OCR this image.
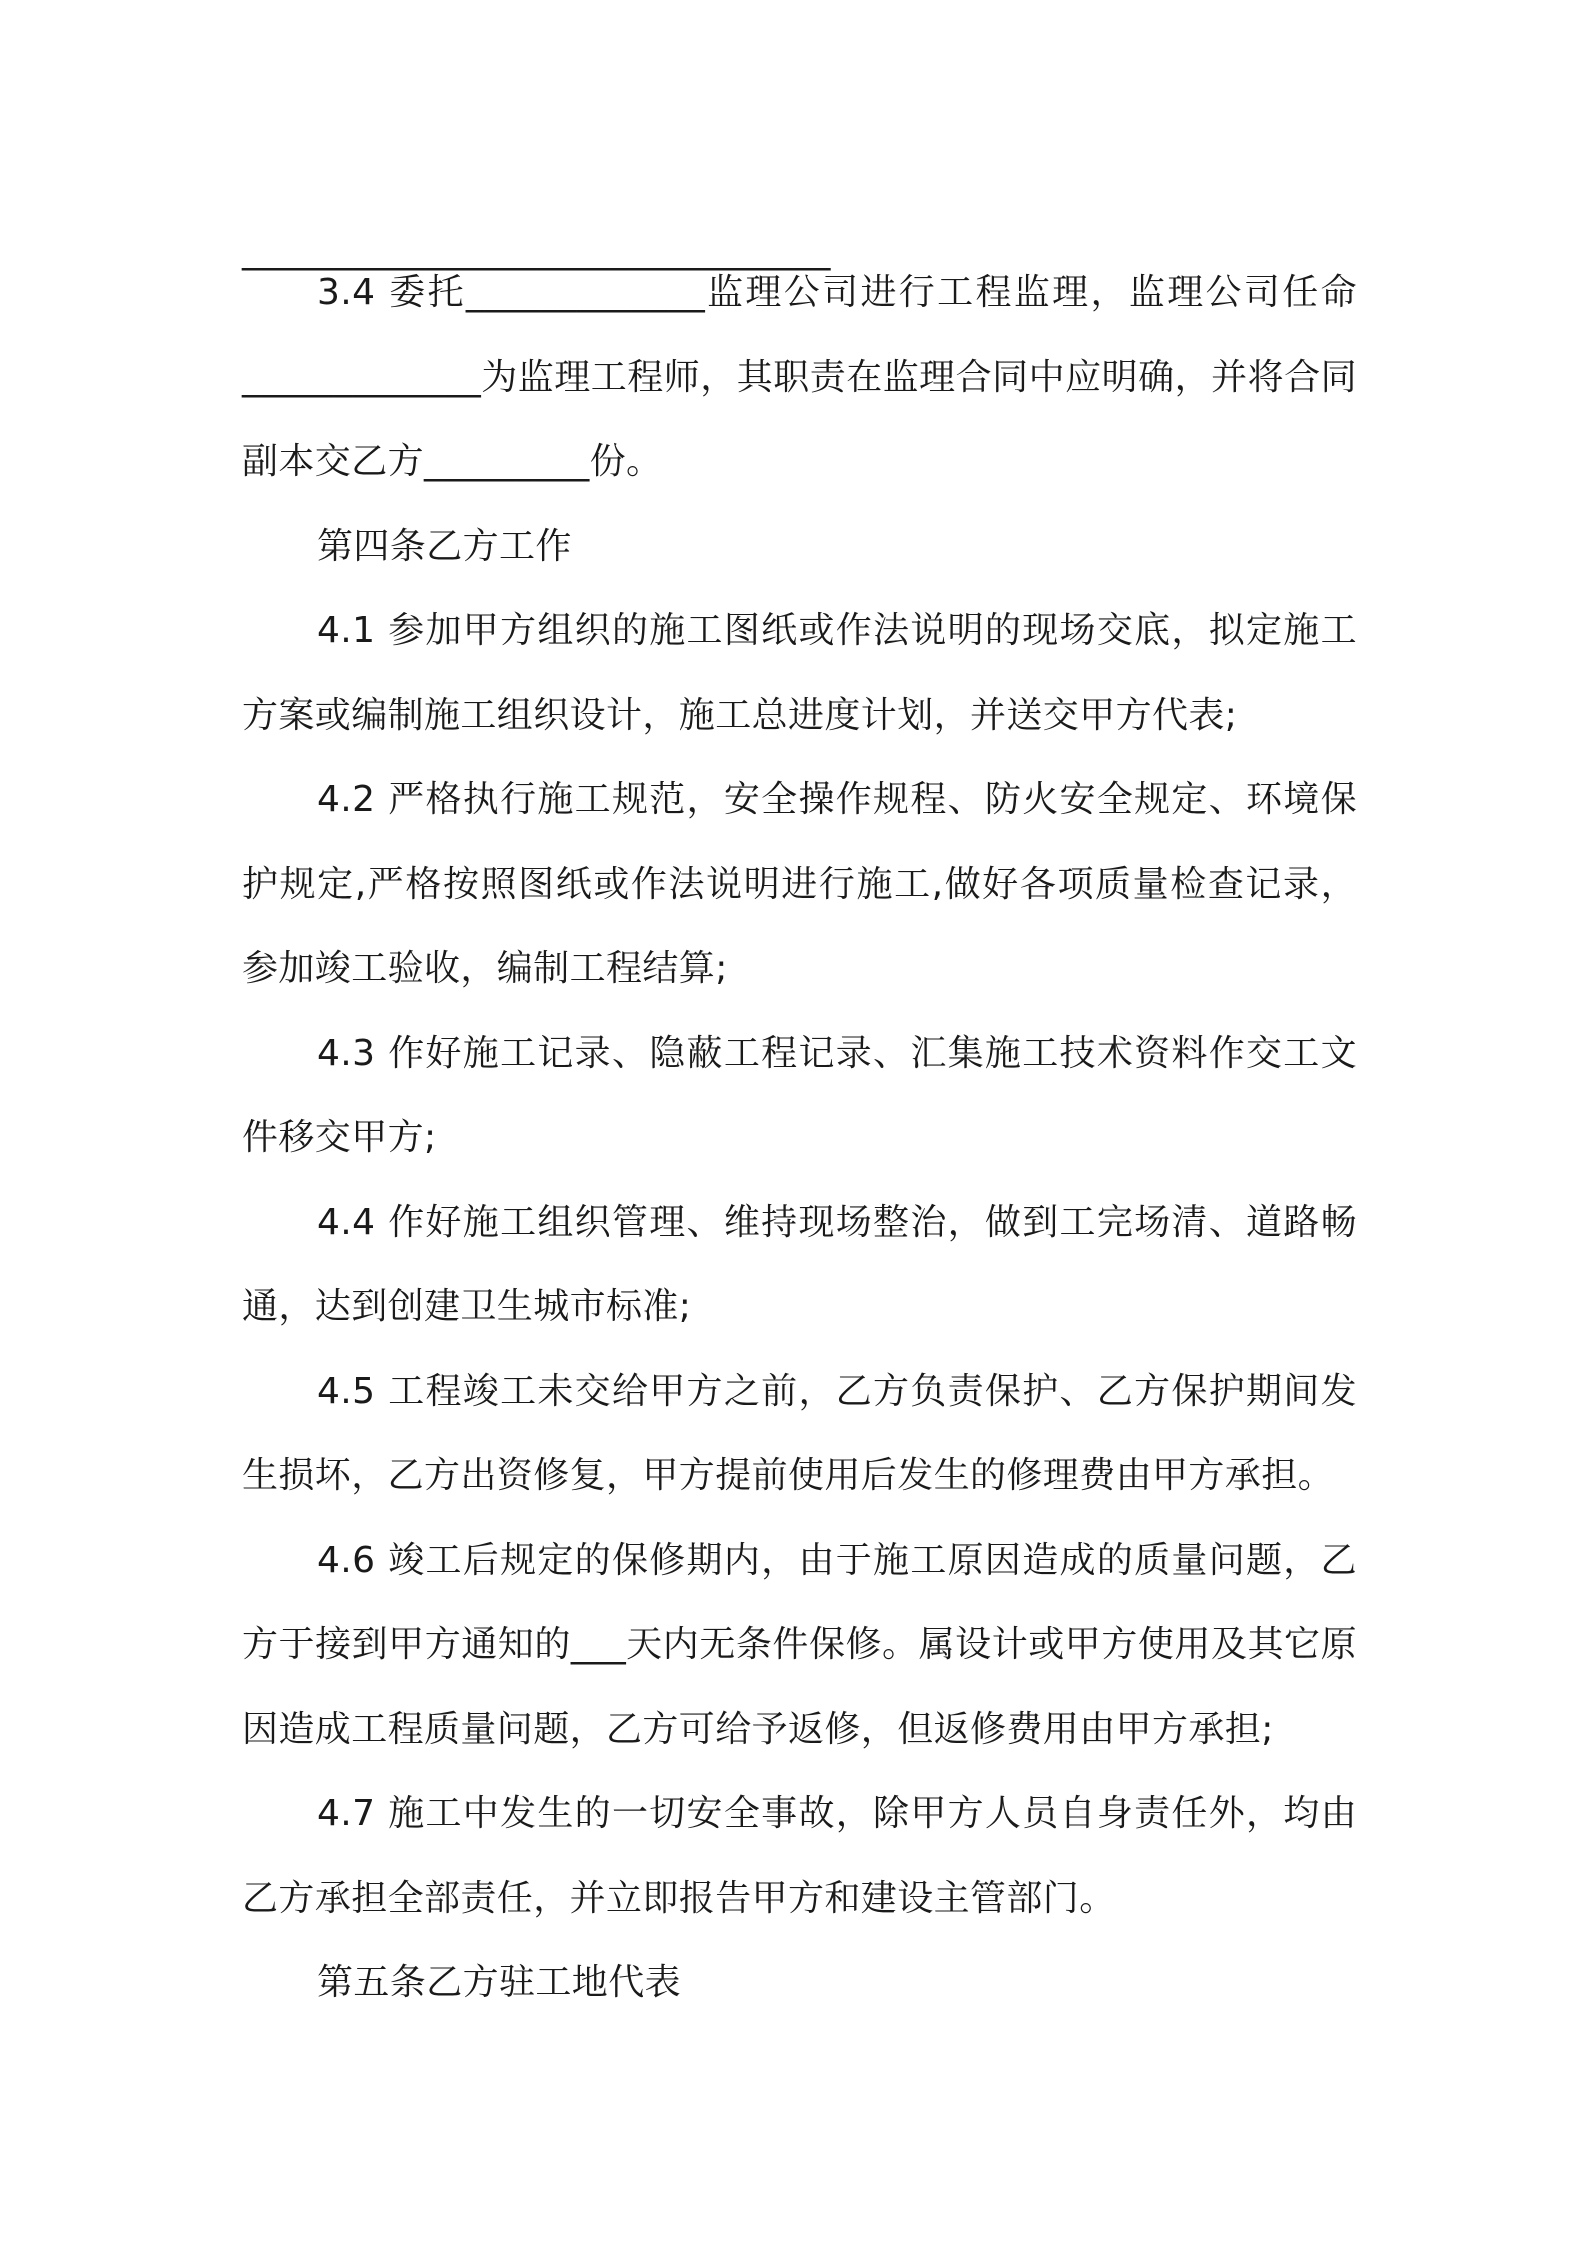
________________________________

3.4 委托_____________监理公司进行工程监理，监理公司任命_____________为监理工程师，其职责在监理合同中应明确，并将合同副本交乙方_________份。

第四条乙方工作

4.1 参加甲方组织的施工图纸或作法说明的现场交底，拟定施工方案或编制施工组织设计，施工总进度计划，并送交甲方代表;

4.2 严格执行施工规范，安全操作规程、防火安全规定、环境保护规定,严格按照图纸或作法说明进行施工,做好各项质量检查记录，参加竣工验收，编制工程结算;

4.3 作好施工记录、隐蔽工程记录、汇集施工技术资料作交工文件移交甲方;

4.4 作好施工组织管理、维持现场整治，做到工完场清、道路畅通，达到创建卫生城市标准;

4.5 工程竣工未交给甲方之前，乙方负责保护、乙方保护期间发生损坏，乙方出资修复，甲方提前使用后发生的修理费由甲方承担。

4.6 竣工后规定的保修期内，由于施工原因造成的质量问题，乙方于接到甲方通知的___天内无条件保修。属设计或甲方使用及其它原因造成工程质量问题，乙方可给予返修，但返修费用由甲方承担;

4.7 施工中发生的一切安全事故，除甲方人员自身责任外，均由乙方承担全部责任，并立即报告甲方和建设主管部门。

第五条乙方驻工地代表
